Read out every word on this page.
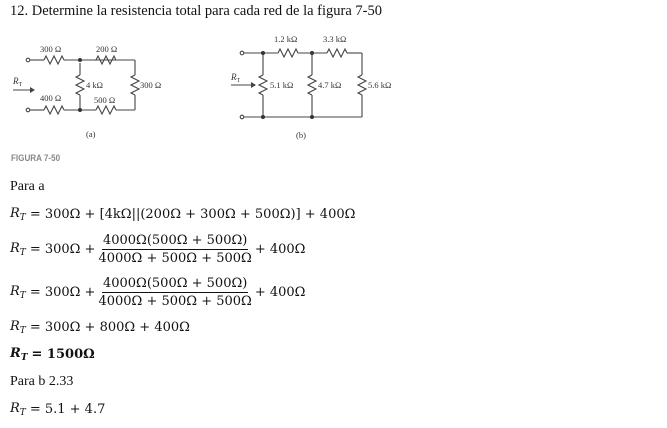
12. Determine la resistencia total para cada red de la figura 7-50
$R_T$
300 Ω	200 Ω
4 kΩ	300 Ω
400 Ω	500 Ω
(a)
$R_T$
1.2 kΩ	3.3 kΩ
5.1 kΩ	4.7 kΩ	5.6 kΩ
(b)
FIGURA 7-50
Para a
$R_T = 300\Omega + [4k\Omega||(200\Omega + 300\Omega + 500\Omega)] + 400\Omega$
$R_T = 300\Omega + \frac{4000\Omega(500\Omega + 500\Omega)}{4000\Omega + 500\Omega + 500\Omega} + 400\Omega$
$R_T = 300\Omega + \frac{4000\Omega(500\Omega + 500\Omega)}{4000\Omega + 500\Omega + 500\Omega} + 400\Omega$
$R_T = 300\Omega + 800\Omega + 400\Omega$
$R_T = 1500\Omega$
Para b 2.33
$R_T = 5.1 + 4.7$
